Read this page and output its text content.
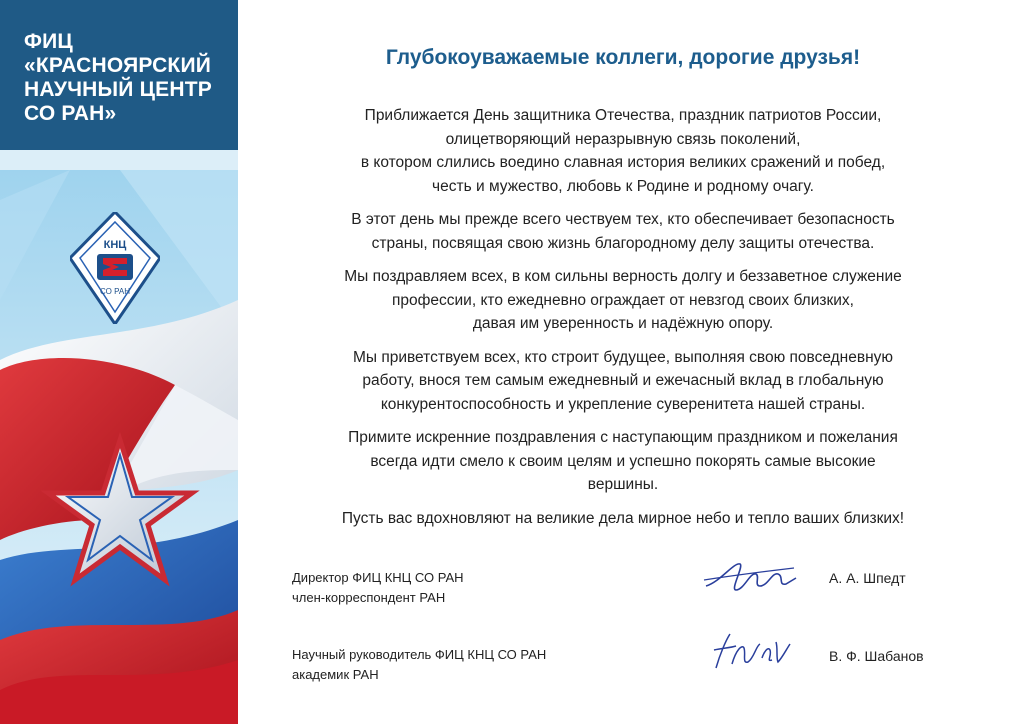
ФИЦ
«КРАСНОЯРСКИЙ
НАУЧНЫЙ ЦЕНТР
СО РАН»
КНЦ
СО РАН
Глубокоуважаемые коллеги, дорогие друзья!

Приближается День защитника Отечества, праздник патриотов России,
олицетворяющий неразрывную связь поколений,
в котором слились воедино славная история великих сражений и побед,
честь и мужество, любовь к Родине и родному очагу.

В этот день мы прежде всего чествуем тех, кто обеспечивает безопасность
страны, посвящая свою жизнь благородному делу защиты отечества.

Мы поздравляем всех, в ком сильны верность долгу и беззаветное служение
профессии, кто ежедневно ограждает от невзгод своих близких,
давая им уверенность и надёжную опору.

Мы приветствуем всех, кто строит будущее, выполняя свою повседневную
работу, внося тем самым ежедневный и ежечасный вклад в глобальную
конкурентоспособность и укрепление суверенитета нашей страны.

Примите искренние поздравления с наступающим праздником и пожелания
всегда идти смело к своим целям и успешно покорять самые высокие
вершины.

Пусть вас вдохновляют на великие дела мирное небо и тепло ваших близких!

Директор ФИЦ КНЦ СО РАН
член-корреспондент РАН
А. А. Шпедт
Научный руководитель ФИЦ КНЦ СО РАН
академик РАН
В. Ф. Шабанов
